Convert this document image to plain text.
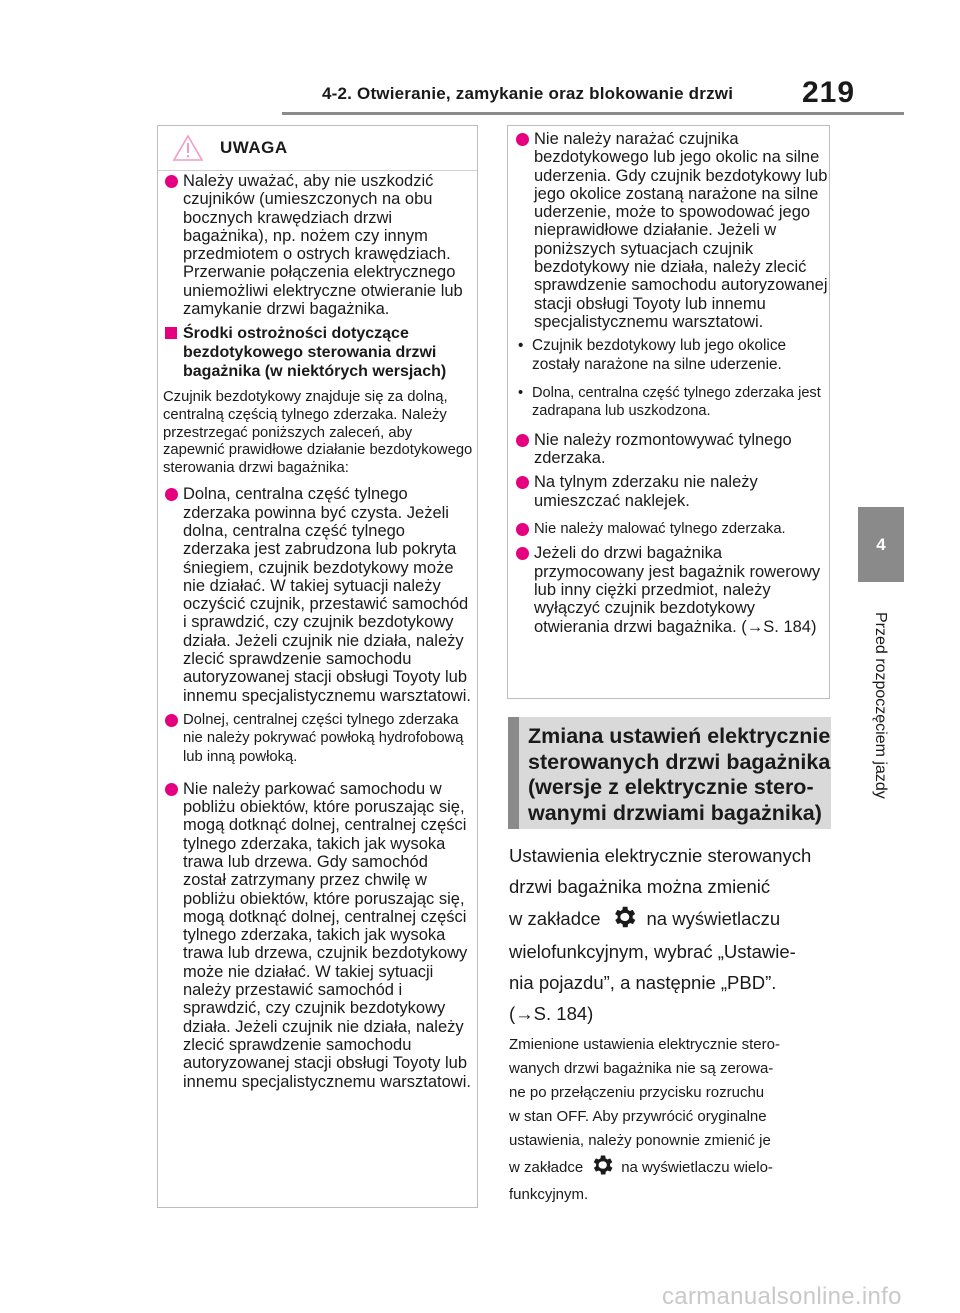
4-2. Otwieranie, zamykanie oraz blokowanie drzwi 219
4
Przed rozpoczęciem jazdy
UWAGA
Należy uważać, aby nie uszkodzić czujników (umieszczonych na obu bocznych krawędziach drzwi bagażnika), np. nożem czy innym przedmiotem o ostrych krawędziach. Przerwanie połączenia elektrycznego uniemożliwi elektryczne otwieranie lub zamykanie drzwi bagażnika.
Środki ostrożności dotyczące bezdotykowego sterowania drzwi bagażnika (w niektórych wersjach)

Czujnik bezdotykowy znajduje się za dolną, centralną częścią tylnego zderzaka. Należy przestrzegać poniższych zaleceń, aby zapewnić prawidłowe działanie bezdotykowego sterowania drzwi bagażnika:

Dolna, centralna część tylnego zderzaka powinna być czysta. Jeżeli dolna, centralna część tylnego zderzaka jest zabrudzona lub pokryta śniegiem, czujnik bezdotykowy może nie działać. W takiej sytuacji należy oczyścić czujnik, przestawić samochód i sprawdzić, czy czujnik bezdotykowy działa. Jeżeli czujnik nie działa, należy zlecić sprawdzenie samochodu autoryzowanej stacji obsługi Toyoty lub innemu specjalistycznemu warsztatowi.
Dolnej, centralnej części tylnego zderzaka nie należy pokrywać powłoką hydrofobową lub inną powłoką.
Nie należy parkować samochodu w pobliżu obiektów, które poruszając się, mogą dotknąć dolnej, centralnej części tylnego zderzaka, takich jak wysoka trawa lub drzewa. Gdy samochód został zatrzymany przez chwilę w pobliżu obiektów, które poruszając się, mogą dotknąć dolnej, centralnej części tylnego zderzaka, takich jak wysoka trawa lub drzewa, czujnik bezdotykowy może nie działać. W takiej sytuacji należy przestawić samochód i sprawdzić, czy czujnik bezdotykowy działa. Jeżeli czujnik nie działa, należy zlecić sprawdzenie samochodu autoryzowanej stacji obsługi Toyoty lub innemu specjalistycznemu warsztatowi.
Nie należy narażać czujnika bezdotykowego lub jego okolic na silne uderzenia. Gdy czujnik bezdotykowy lub jego okolice zostaną narażone na silne uderzenie, może to spowodować jego nieprawidłowe działanie. Jeżeli w poniższych sytuacjach czujnik bezdotykowy nie działa, należy zlecić sprawdzenie samochodu autoryzowanej stacji obsługi Toyoty lub innemu specjalistycznemu warsztatowi.
• Czujnik bezdotykowy lub jego okolice zostały narażone na silne uderzenie.
• Dolna, centralna część tylnego zderzaka jest zadrapana lub uszkodzona.
Nie należy rozmontowywać tylnego zderzaka.
Na tylnym zderzaku nie należy umieszczać naklejek.
Nie należy malować tylnego zderzaka.
Jeżeli do drzwi bagażnika przymocowany jest bagażnik rowerowy lub inny ciężki przedmiot, należy wyłączyć czujnik bezdotykowy otwierania drzwi bagażnika. (→S. 184)
Zmiana ustawień elektrycznie
sterowanych drzwi bagażnika
(wersje z elektrycznie stero-
wanymi drzwiami bagażnika)
Ustawienia elektrycznie sterowanych
drzwi bagażnika można zmienić
w zakładce na wyświetlaczu
wielofunkcyjnym, wybrać „Ustawie-
nia pojazdu”, a następnie „PBD”.
(→S. 184)
Zmienione ustawienia elektrycznie stero-
wanych drzwi bagażnika nie są zerowa-
ne po przełączeniu przycisku rozruchu
w stan OFF. Aby przywrócić oryginalne
ustawienia, należy ponownie zmienić je
w zakładce	na wyświetlaczu wielo-
funkcyjnym.
carmanualsonline.info
